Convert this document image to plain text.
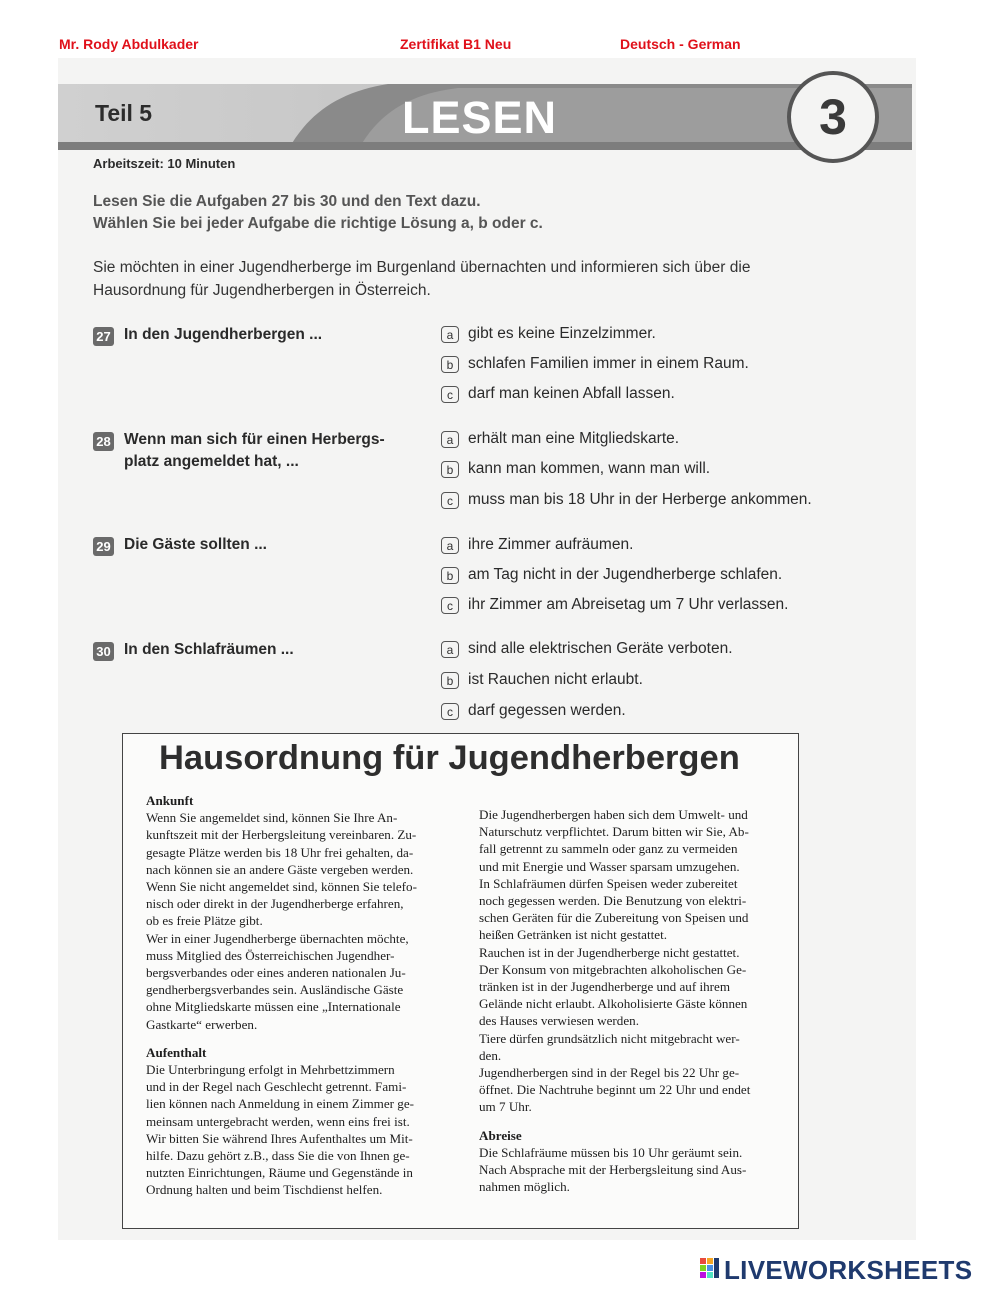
Mr. Rody Abdulkader	Zertifikat B1 Neu	Deutsch - German
Teil 5	LESEN	3
Arbeitszeit: 10 Minuten
Lesen Sie die Aufgaben 27 bis 30 und den Text dazu.
Wählen Sie bei jeder Aufgabe die richtige Lösung a, b oder c.
Sie möchten in einer Jugendherberge im Burgenland übernachten und informieren sich über die
Hausordnung für Jugendherbergen in Österreich.
27 In den Jugendherbergen ...	a gibt es keine Einzelzimmer.
b schlafen Familien immer in einem Raum.
c darf man keinen Abfall lassen.
28 Wenn man sich für einen Herbergs-
platz angemeldet hat, ...
a erhält man eine Mitgliedskarte.
b kann man kommen, wann man will.
c muss man bis 18 Uhr in der Herberge ankommen.
29 Die Gäste sollten ...	a ihre Zimmer aufräumen.
b am Tag nicht in der Jugendherberge schlafen.
c ihr Zimmer am Abreisetag um 7 Uhr verlassen.
30 In den Schlafräumen ...	a sind alle elektrischen Geräte verboten.
b ist Rauchen nicht erlaubt.
c darf gegessen werden.
Hausordnung für Jugendherbergen

Ankunft

Wenn Sie angemeldet sind, können Sie Ihre An-

kunftszeit mit der Herbergsleitung vereinbaren. Zu-

gesagte Plätze werden bis 18 Uhr frei gehalten, da-

nach können sie an andere Gäste vergeben werden.

Wenn Sie nicht angemeldet sind, können Sie telefo-

nisch oder direkt in der Jugendherberge erfahren,

ob es freie Plätze gibt.

Wer in einer Jugendherberge übernachten möchte,

muss Mitglied des Österreichischen Jugendher-

bergsverbandes oder eines anderen nationalen Ju-

gendherbergsverbandes sein. Ausländische Gäste

ohne Mitgliedskarte müssen eine „Internationale

Gastkarte“ erwerben.

Aufenthalt

Die Unterbringung erfolgt in Mehrbettzimmern

und in der Regel nach Geschlecht getrennt. Fami-

lien können nach Anmeldung in einem Zimmer ge-

meinsam untergebracht werden, wenn eins frei ist.

Wir bitten Sie während Ihres Aufenthaltes um Mit-

hilfe. Dazu gehört z.B., dass Sie die von Ihnen ge-

nutzten Einrichtungen, Räume und Gegenstände in

Ordnung halten und beim Tischdienst helfen.

Die Jugendherbergen haben sich dem Umwelt- und

Naturschutz verpflichtet. Darum bitten wir Sie, Ab-

fall getrennt zu sammeln oder ganz zu vermeiden

und mit Energie und Wasser sparsam umzugehen.

In Schlafräumen dürfen Speisen weder zubereitet

noch gegessen werden. Die Benutzung von elektri-

schen Geräten für die Zubereitung von Speisen und

heißen Getränken ist nicht gestattet.

Rauchen ist in der Jugendherberge nicht gestattet.

Der Konsum von mitgebrachten alkoholischen Ge-

tränken ist in der Jugendherberge und auf ihrem

Gelände nicht erlaubt. Alkoholisierte Gäste können

des Hauses verwiesen werden.

Tiere dürfen grundsätzlich nicht mitgebracht wer-

den.

Jugendherbergen sind in der Regel bis 22 Uhr ge-

öffnet. Die Nachtruhe beginnt um 22 Uhr und endet

um 7 Uhr.

Abreise

Die Schlafräume müssen bis 10 Uhr geräumt sein.

Nach Absprache mit der Herbergsleitung sind Aus-

nahmen möglich.

LIVEWORKSHEETS
